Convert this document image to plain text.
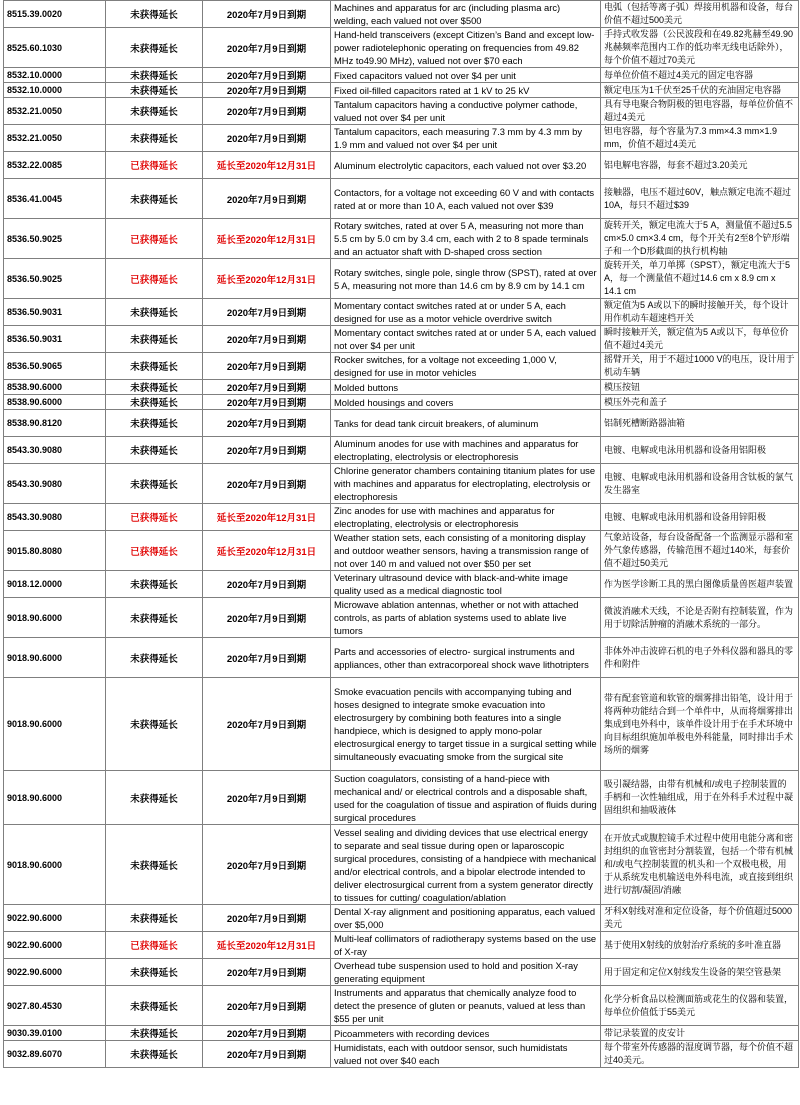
8515.39.0020	未获得延长	2020年7月9日到期	Machines and apparatus for arc (including plasma arc) welding, each valued not over $500	电弧（包括等离子弧）焊接用机器和设备，每台价值不超过500美元
8525.60.1030	未获得延长	2020年7月9日到期	Hand-held transceivers (except Citizen’s Band and except low-power radiotelephonic operating on frequencies from 49.82 MHz to49.90 MHz), valued not over $70 each	手持式收发器（公民波段和在49.82兆赫至49.90兆赫频率范围内工作的低功率无线电话除外），每个价值不超过70美元
8532.10.0000	未获得延长	2020年7月9日到期	Fixed capacitors valued not over $4 per unit	每单位价值不超过4美元的固定电容器
8532.10.0000	未获得延长	2020年7月9日到期	Fixed oil-filled capacitors rated at 1 kV to 25 kV	额定电压为1千伏至25千伏的充油固定电容器
8532.21.0050	未获得延长	2020年7月9日到期	Tantalum capacitors having a conductive polymer cathode, valued not over $4 per unit	具有导电聚合物阴极的钽电容器，每单位价值不超过4美元
8532.21.0050	未获得延长	2020年7月9日到期	Tantalum capacitors, each measuring 7.3 mm by 4.3 mm by 1.9 mm and valued not over $4 per unit	钽电容器，每个容量为7.3 mm×4.3 mm×1.9 mm，价值不超过4美元
8532.22.0085	已获得延长	延长至2020年12月31日	Aluminum electrolytic capacitors, each valued not over $3.20	铝电解电容器，每套不超过3.20美元
8536.41.0045	未获得延长	2020年7月9日到期	Contactors, for a voltage not exceeding 60 V and with contacts rated at or more than 10 A, each valued not over $39	接触器，电压不超过60V，触点额定电流不超过10A，每只不超过$39
8536.50.9025	已获得延长	延长至2020年12月31日	Rotary switches, rated at over 5 A, measuring not more than 5.5 cm by 5.0 cm by 3.4 cm, each with 2 to 8 spade terminals and an actuator shaft with D-shaped cross section	旋转开关，额定电流大于5 A，测量值不超过5.5 cm×5.0 cm×3.4 cm，每个开关有2至8个铲形端子和一个D形截面的执行机构轴
8536.50.9025	已获得延长	延长至2020年12月31日	Rotary switches, single pole, single throw (SPST), rated at over 5 A, measuring not more than 14.6 cm by 8.9 cm by 14.1 cm	旋转开关，单刀单掷（SPST），额定电流大于5 A，每一个测量值不超过14.6 cm x 8.9 cm x 14.1 cm
8536.50.9031	未获得延长	2020年7月9日到期	Momentary contact switches rated at or under 5 A, each designed for use as a motor vehicle overdrive switch	额定值为5 A或以下的瞬时接触开关，每个设计用作机动车超速档开关
8536.50.9031	未获得延长	2020年7月9日到期	Momentary contact switches rated at or under 5 A, each valued not over $4 per unit	瞬时接触开关，额定值为5 A或以下，每单位价值不超过4美元
8536.50.9065	未获得延长	2020年7月9日到期	Rocker switches, for a voltage not exceeding 1,000 V, designed for use in motor vehicles	摇臂开关，用于不超过1000 V的电压，设计用于机动车辆
8538.90.6000	未获得延长	2020年7月9日到期	Molded buttons	模压按钮
8538.90.6000	未获得延长	2020年7月9日到期	Molded housings and covers	模压外壳和盖子
8538.90.8120	未获得延长	2020年7月9日到期	Tanks for dead tank circuit breakers, of aluminum	铝制死槽断路器油箱
8543.30.9080	未获得延长	2020年7月9日到期	Aluminum anodes for use with machines and apparatus for electroplating, electrolysis or electrophoresis	电镀、电解或电泳用机器和设备用铝阳极
8543.30.9080	未获得延长	2020年7月9日到期	Chlorine generator chambers containing titanium plates for use with machines and apparatus for electroplating, electrolysis or electrophoresis	电镀、电解或电泳用机器和设备用含钛板的氯气发生器室
8543.30.9080	已获得延长	延长至2020年12月31日	Zinc anodes for use with machines and apparatus for electroplating, electrolysis or electrophoresis	电镀、电解或电泳用机器和设备用锌阳极
9015.80.8080	已获得延长	延长至2020年12月31日	Weather station sets, each consisting of a monitoring display and outdoor weather sensors, having a transmission range of not over 140 m and valued not over $50 per set	气象站设备，每台设备配备一个监测显示器和室外气象传感器，传输范围不超过140米，每套价值不超过50美元
9018.12.0000	未获得延长	2020年7月9日到期	Veterinary ultrasound device with black-and-white image quality used as a medical diagnostic tool	作为医学诊断工具的黑白图像质量兽医超声装置
9018.90.6000	未获得延长	2020年7月9日到期	Microwave ablation antennas, whether or not with attached controls, as parts of ablation systems used to ablate live tumors	微波消融术天线，不论是否附有控制装置，作为用于切除活肿瘤的消融术系统的一部分。
9018.90.6000	未获得延长	2020年7月9日到期	Parts and accessories of electro- surgical instruments and appliances, other than extracorporeal shock wave lithotripters	非体外冲击波碎石机的电子外科仪器和器具的零件和附件
9018.90.6000	未获得延长	2020年7月9日到期	Smoke evacuation pencils with accompanying tubing and hoses designed to integrate smoke evacuation into electrosurgery by combining both features into a single handpiece, which is designed to apply mono-polar electrosurgical energy to target tissue in a surgical setting while simultaneously evacuating smoke from the surgical site	带有配套管道和软管的烟雾排出铅笔，设计用于将两种功能结合到一个单件中，从而将烟雾排出集成到电外科中，该单件设计用于在手术环境中向目标组织施加单极电外科能量，同时排出手术场所的烟雾
9018.90.6000	未获得延长	2020年7月9日到期	Suction coagulators, consisting of a hand-piece with mechanical and/ or electrical controls and a disposable shaft, used for the coagulation of tissue and aspiration of fluids during surgical procedures	吸引凝结器，由带有机械和/或电子控制装置的手柄和一次性轴组成，用于在外科手术过程中凝固组织和抽吸液体
9018.90.6000	未获得延长	2020年7月9日到期	Vessel sealing and dividing devices that use electrical energy to separate and seal tissue during open or laparoscopic surgical procedures, consisting of a handpiece with mechanical and/or electrical controls, and a bipolar electrode intended to deliver electrosurgical current from a system generator directly to tissues for cutting/ coagulation/ablation	在开放式或腹腔镜手术过程中使用电能分离和密封组织的血管密封分割装置，包括一个带有机械和/或电气控制装置的机头和一个双极电极，用于从系统发电机输送电外科电流，或直接到组织进行切割/凝固/消融
9022.90.6000	未获得延长	2020年7月9日到期	Dental X-ray alignment and positioning apparatus, each valued over $5,000	牙科X射线对准和定位设备，每个价值超过5000美元
9022.90.6000	已获得延长	延长至2020年12月31日	Multi-leaf collimators of radiotherapy systems based on the use of X-ray	基于使用X射线的放射治疗系统的多叶准直器
9022.90.6000	未获得延长	2020年7月9日到期	Overhead tube suspension used to hold and position X-ray generating equipment	用于固定和定位X射线发生设备的架空管悬架
9027.80.4530	未获得延长	2020年7月9日到期	Instruments and apparatus that chemically analyze food to detect the presence of gluten or peanuts, valued at less than $55 per unit	化学分析食品以检测面筋或花生的仪器和装置，每单位价值低于55美元
9030.39.0100	未获得延长	2020年7月9日到期	Picoammeters with recording devices	带记录装置的皮安计
9032.89.6070	未获得延长	2020年7月9日到期	Humidistats, each with outdoor sensor, such humidistats valued not over $40 each	每个带室外传感器的湿度调节器，每个价值不超过40美元。
